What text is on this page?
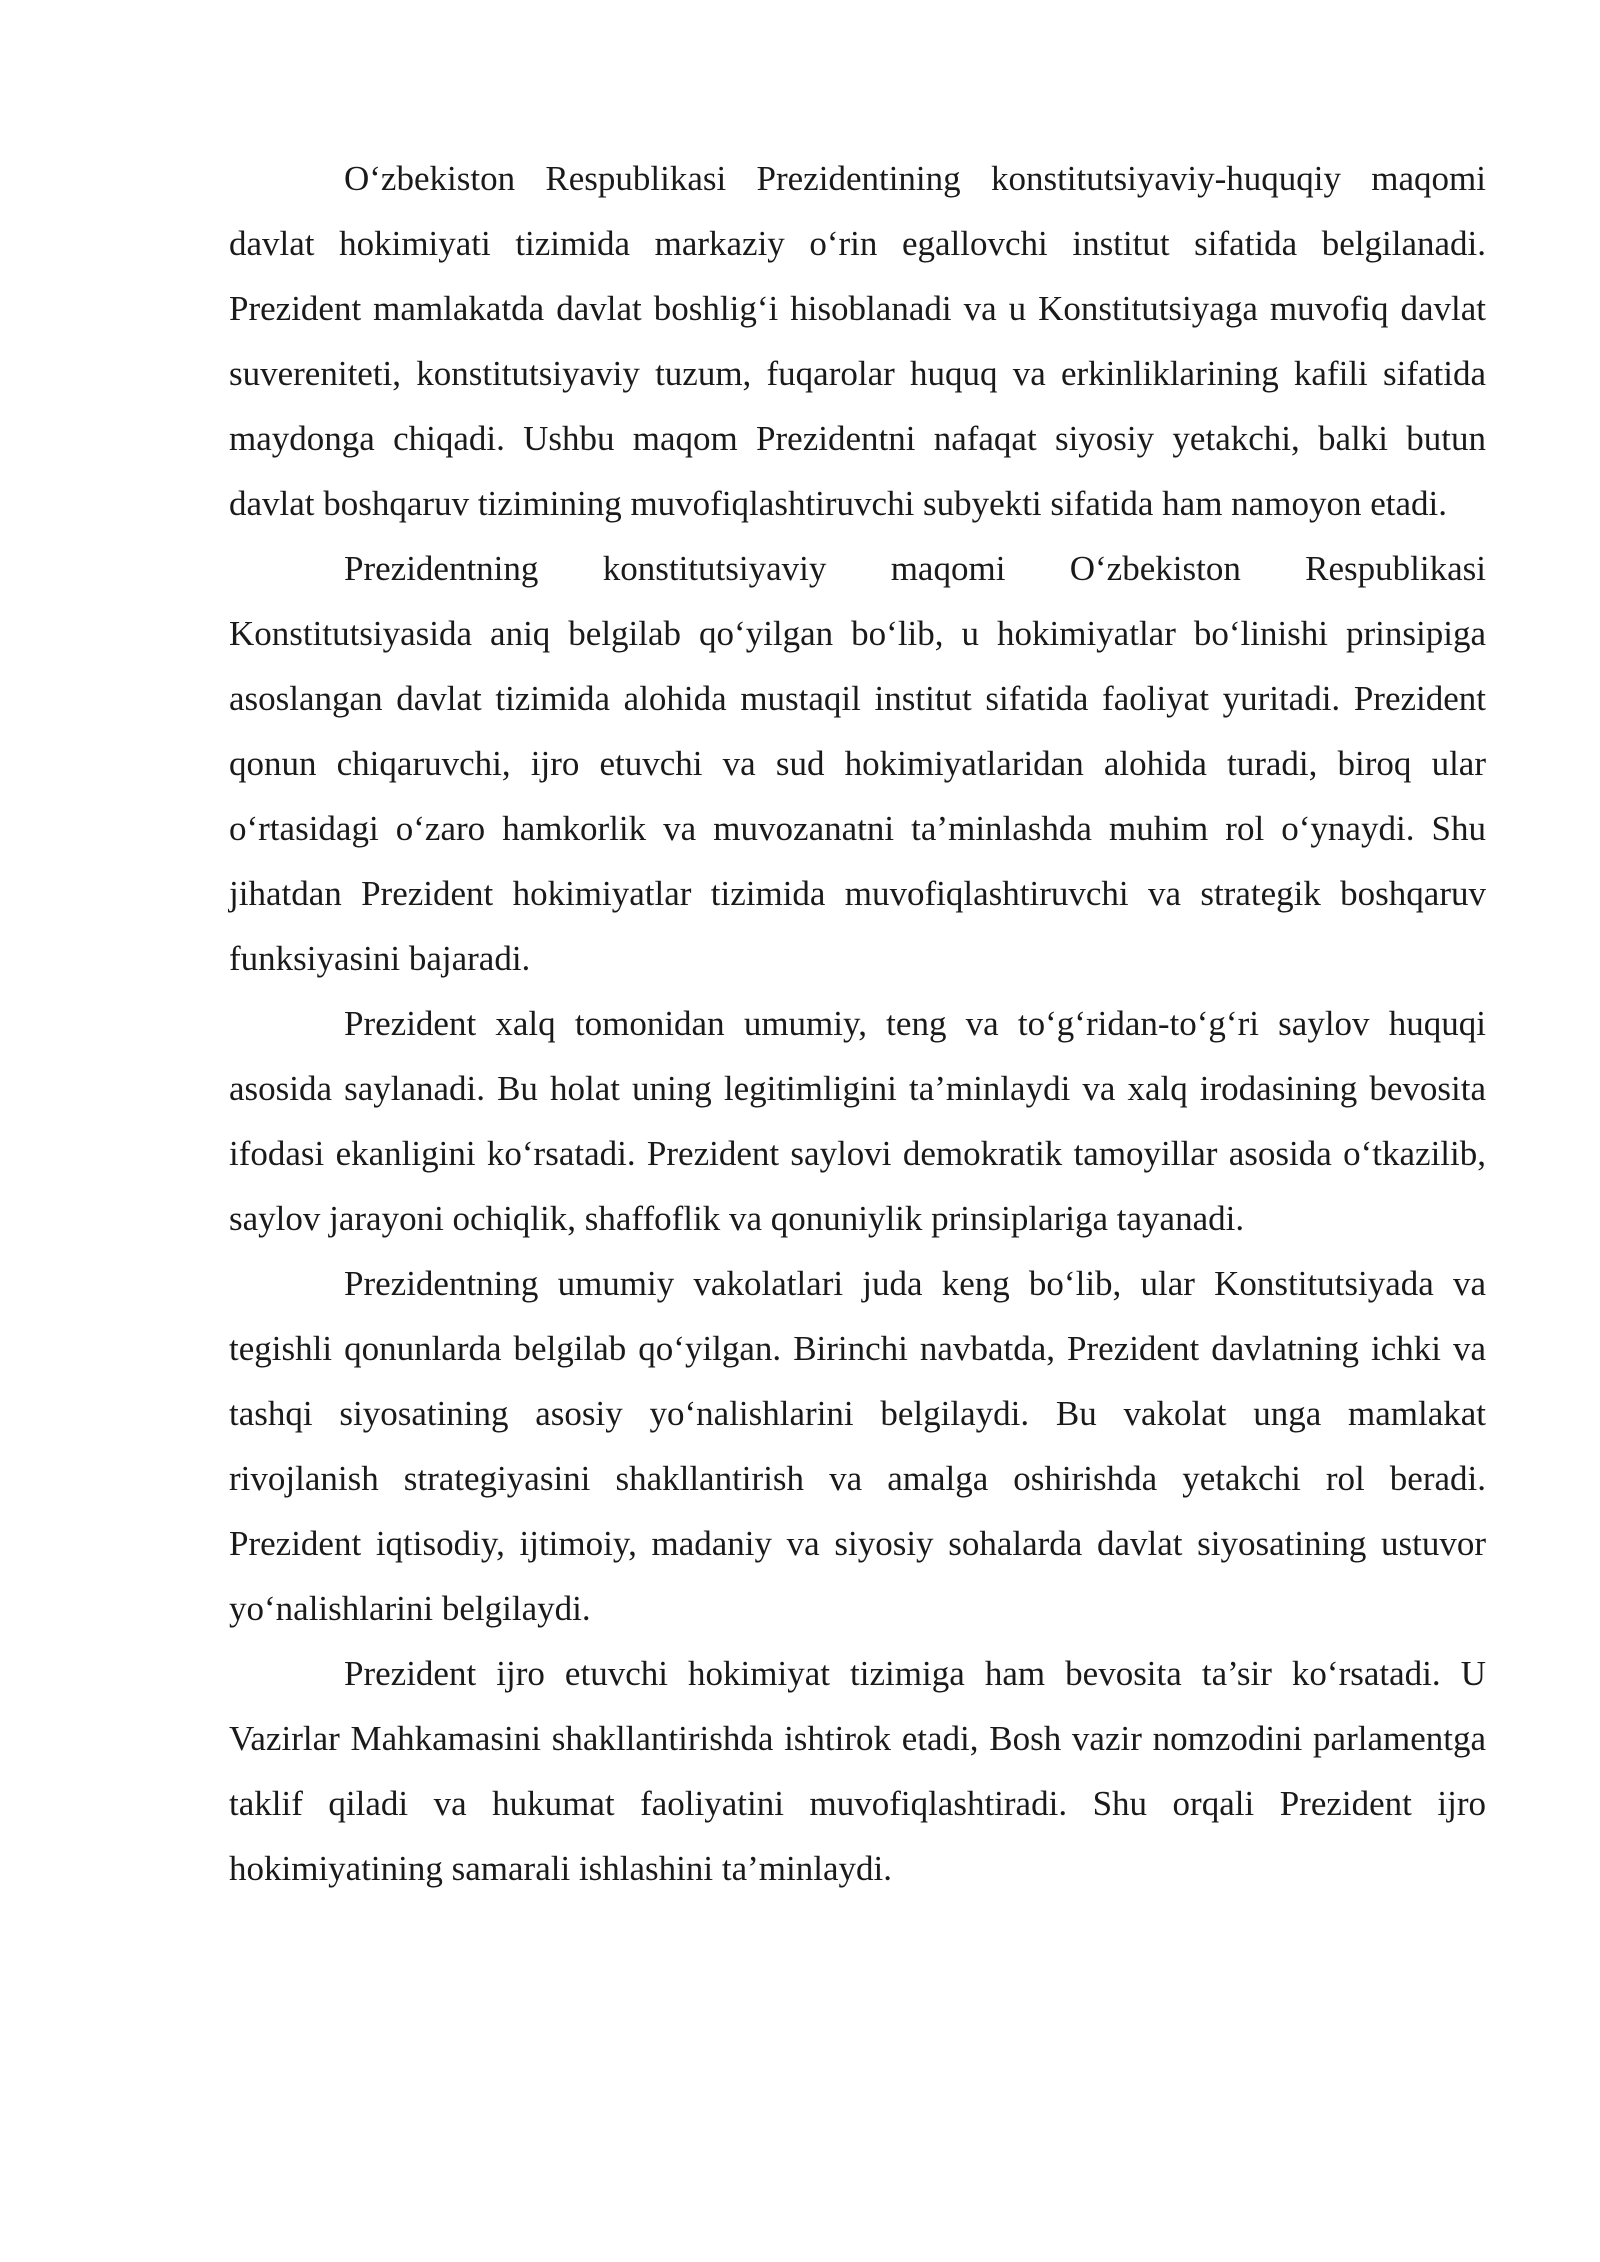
O‘zbekiston Respublikasi Prezidentining konstitutsiyaviy-huquqiy maqomi davlat hokimiyati tizimida markaziy o‘rin egallovchi institut sifatida belgilanadi. Prezident mamlakatda davlat boshlig‘i hisoblanadi va u Konstitutsiyaga muvofiq davlat suvereniteti, konstitutsiyaviy tuzum, fuqarolar huquq va erkinliklarining kafili sifatida maydonga chiqadi. Ushbu maqom Prezidentni nafaqat siyosiy yetakchi, balki butun davlat boshqaruv tizimining muvofiqlashtiruvchi subyekti sifatida ham namoyon etadi.

Prezidentning konstitutsiyaviy maqomi O‘zbekiston Respublikasi Konstitutsiyasida aniq belgilab qo‘yilgan bo‘lib, u hokimiyatlar bo‘linishi prinsipiga asoslangan davlat tizimida alohida mustaqil institut sifatida faoliyat yuritadi. Prezident qonun chiqaruvchi, ijro etuvchi va sud hokimiyatlaridan alohida turadi, biroq ular o‘rtasidagi o‘zaro hamkorlik va muvozanatni ta’minlashda muhim rol o‘ynaydi. Shu jihatdan Prezident hokimiyatlar tizimida muvofiqlashtiruvchi va strategik boshqaruv funksiyasini bajaradi.

Prezident xalq tomonidan umumiy, teng va to‘g‘ridan-to‘g‘ri saylov huquqi asosida saylanadi. Bu holat uning legitimligini ta’minlaydi va xalq irodasining bevosita ifodasi ekanligini ko‘rsatadi. Prezident saylovi demokratik tamoyillar asosida o‘tkazilib, saylov jarayoni ochiqlik, shaffoflik va qonuniylik prinsiplariga tayanadi.

Prezidentning umumiy vakolatlari juda keng bo‘lib, ular Konstitutsiyada va tegishli qonunlarda belgilab qo‘yilgan. Birinchi navbatda, Prezident davlatning ichki va tashqi siyosatining asosiy yo‘nalishlarini belgilaydi. Bu vakolat unga mamlakat rivojlanish strategiyasini shakllantirish va amalga oshirishda yetakchi rol beradi. Prezident iqtisodiy, ijtimoiy, madaniy va siyosiy sohalarda davlat siyosatining ustuvor yo‘nalishlarini belgilaydi.

Prezident ijro etuvchi hokimiyat tizimiga ham bevosita ta’sir ko‘rsatadi. U Vazirlar Mahkamasini shakllantirishda ishtirok etadi, Bosh vazir nomzodini parlamentga taklif qiladi va hukumat faoliyatini muvofiqlashtiradi. Shu orqali Prezident ijro hokimiyatining samarali ishlashini ta’minlaydi.
